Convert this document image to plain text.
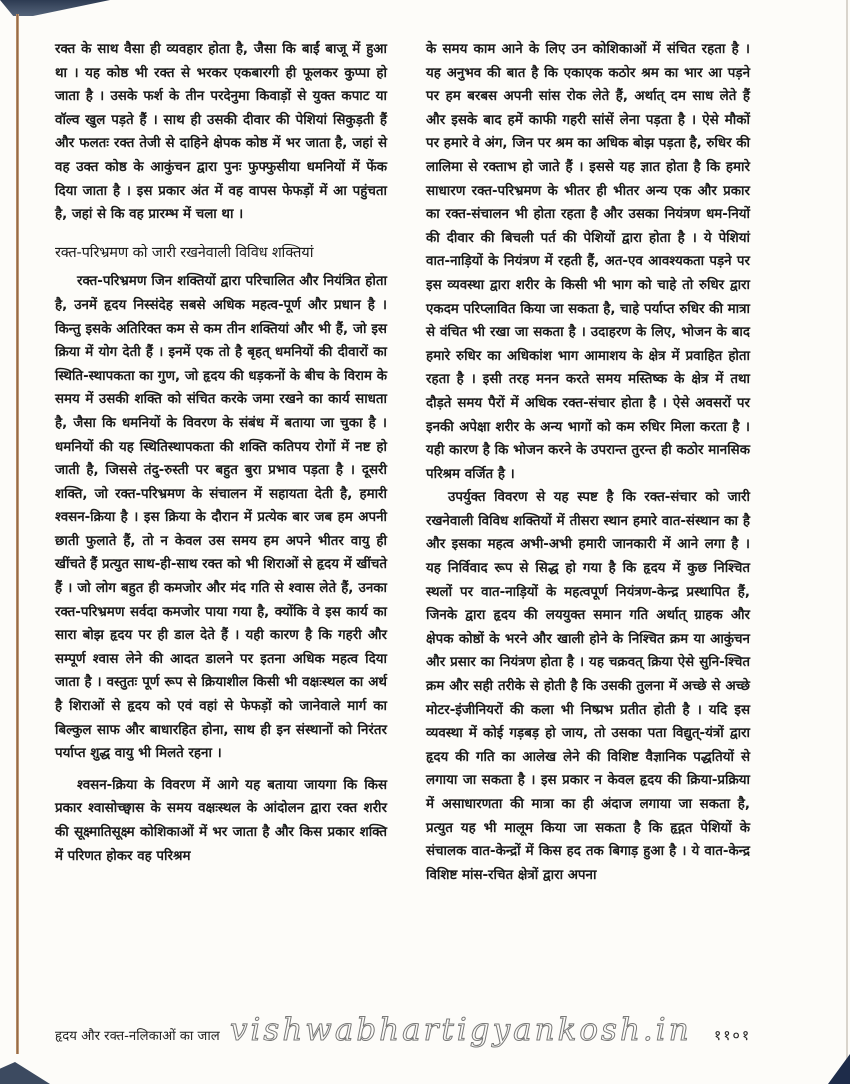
रक्त के साथ वैसा ही व्यवहार होता है, जैसा कि बाईं बाजू में हुआ था । यह कोष्ठ भी रक्त से भरकर एकबारगी ही फूलकर कुप्पा हो जाता है । उसके फर्श के तीन परदेनुमा किवाड़ों से युक्त कपाट या वॉल्व खुल पड़ते हैं । साथ ही उसकी दीवार की पेशियां सिकुड़ती हैं और फलतः रक्त तेजी से दाहिने क्षेपक कोष्ठ में भर जाता है, जहां से वह उक्त कोष्ठ के आकुंचन द्वारा पुनः फुफ्फुसीया धमनियों में फेंक दिया जाता है । इस प्रकार अंत में वह वापस फेफड़ों में आ पहुंचता है, जहां से कि वह प्रारम्भ में चला था ।

रक्त-परिभ्रमण को जारी रखनेवाली विविध शक्तियां

रक्त-परिभ्रमण जिन शक्तियों द्वारा परिचालित और नियंत्रित होता है, उनमें हृदय निस्संदेह सबसे अधिक महत्व-पूर्ण और प्रधान है । किन्तु इसके अतिरिक्त कम से कम तीन शक्तियां और भी हैं, जो इस क्रिया में योग देती हैं । इनमें एक तो है बृहत् धमनियों की दीवारों का स्थिति-स्थापकता का गुण, जो हृदय की धड़कनों के बीच के विराम के समय में उसकी शक्ति को संचित करके जमा रखने का कार्य साधता है, जैसा कि धमनियों के विवरण के संबंध में बताया जा चुका है । धमनियों की यह स्थितिस्थापकता की शक्ति कतिपय रोगों में नष्ट हो जाती है, जिससे तंदु-रुस्ती पर बहुत बुरा प्रभाव पड़ता है । दूसरी शक्ति, जो रक्त-परिभ्रमण के संचालन में सहायता देती है, हमारी श्वसन-क्रिया है । इस क्रिया के दौरान में प्रत्येक बार जब हम अपनी छाती फुलाते हैं, तो न केवल उस समय हम अपने भीतर वायु ही खींचते हैं प्रत्युत साथ-ही-साथ रक्त को भी शिराओं से हृदय में खींचते हैं । जो लोग बहुत ही कमजोर और मंद गति से श्वास लेते हैं, उनका रक्त-परिभ्रमण सर्वदा कमजोर पाया गया है, क्योंकि वे इस कार्य का सारा बोझ हृदय पर ही डाल देते हैं । यही कारण है कि गहरी और सम्पूर्ण श्वास लेने की आदत डालने पर इतना अधिक महत्व दिया जाता है । वस्तुतः पूर्ण रूप से क्रियाशील किसी भी वक्षःस्थल का अर्थ है शिराओं से हृदय को एवं वहां से फेफड़ों को जानेवाले मार्ग का बिल्कुल साफ और बाधारहित होना, साथ ही इन संस्थानों को निरंतर पर्याप्त शुद्ध वायु भी मिलते रहना ।

श्वसन-क्रिया के विवरण में आगे यह बताया जायगा कि किस प्रकार श्वासोच्छ्वास के समय वक्षःस्थल के आंदोलन द्वारा रक्त शरीर की सूक्ष्मातिसूक्ष्म कोशिकाओं में भर जाता है और किस प्रकार शक्ति में परिणत होकर वह परिश्रम

के समय काम आने के लिए उन कोशिकाओं में संचित रहता है । यह अनुभव की बात है कि एकाएक कठोर श्रम का भार आ पड़ने पर हम बरबस अपनी सांस रोक लेते हैं, अर्थात् दम साध लेते हैं और इसके बाद हमें काफी गहरी सांसें लेना पड़ता है । ऐसे मौकों पर हमारे वे अंग, जिन पर श्रम का अधिक बोझ पड़ता है, रुधिर की लालिमा से रक्ताभ हो जाते हैं । इससे यह ज्ञात होता है कि हमारे साधारण रक्त-परिभ्रमण के भीतर ही भीतर अन्य एक और प्रकार का रक्त-संचालन भी होता रहता है और उसका नियंत्रण धम-नियों की दीवार की बिचली पर्त की पेशियों द्वारा होता है । ये पेशियां वात-नाड़ियों के नियंत्रण में रहती हैं, अत-एव आवश्यकता पड़ने पर इस व्यवस्था द्वारा शरीर के किसी भी भाग को चाहे तो रुधिर द्वारा एकदम परिप्लावित किया जा सकता है, चाहे पर्याप्त रुधिर की मात्रा से वंचित भी रखा जा सकता है । उदाहरण के लिए, भोजन के बाद हमारे रुधिर का अधिकांश भाग आमाशय के क्षेत्र में प्रवाहित होता रहता है । इसी तरह मनन करते समय मस्तिष्क के क्षेत्र में तथा दौड़ते समय पैरों में अधिक रक्त-संचार होता है । ऐसे अवसरों पर इनकी अपेक्षा शरीर के अन्य भागों को कम रुधिर मिला करता है । यही कारण है कि भोजन करने के उपरान्त तुरन्त ही कठोर मानसिक परिश्रम वर्जित है ।

उपर्युक्त विवरण से यह स्पष्ट है कि रक्त-संचार को जारी रखनेवाली विविध शक्तियों में तीसरा स्थान हमारे वात-संस्थान का है और इसका महत्व अभी-अभी हमारी जानकारी में आने लगा है । यह निर्विवाद रूप से सिद्ध हो गया है कि हृदय में कुछ निश्चित स्थलों पर वात-नाड़ियों के महत्वपूर्ण नियंत्रण-केन्द्र प्रस्थापित हैं, जिनके द्वारा हृदय की लययुक्त समान गति अर्थात् ग्राहक और क्षेपक कोष्ठों के भरने और खाली होने के निश्चित क्रम या आकुंचन और प्रसार का नियंत्रण होता है । यह चक्रवत् क्रिया ऐसे सुनि-श्चित क्रम और सही तरीके से होती है कि उसकी तुलना में अच्छे से अच्छे मोटर-इंजीनियरों की कला भी निष्प्रभ प्रतीत होती है । यदि इस व्यवस्था में कोई गड़बड़ हो जाय, तो उसका पता विद्युत्-यंत्रों द्वारा हृदय की गति का आलेख लेने की विशिष्ट वैज्ञानिक पद्धतियों से लगाया जा सकता है । इस प्रकार न केवल हृदय की क्रिया-प्रक्रिया में असाधारणता की मात्रा का ही अंदाज लगाया जा सकता है, प्रत्युत यह भी मालूम किया जा सकता है कि हृद्गत पेशियों के संचालक वात-केन्द्रों में किस हद तक बिगाड़ हुआ है । ये वात-केन्द्र विशिष्ट मांस-रचित क्षेत्रों द्वारा अपना

हृदय और रक्त-नलिकाओं का जाल	११०१
vishwabhartigyankosh.in
